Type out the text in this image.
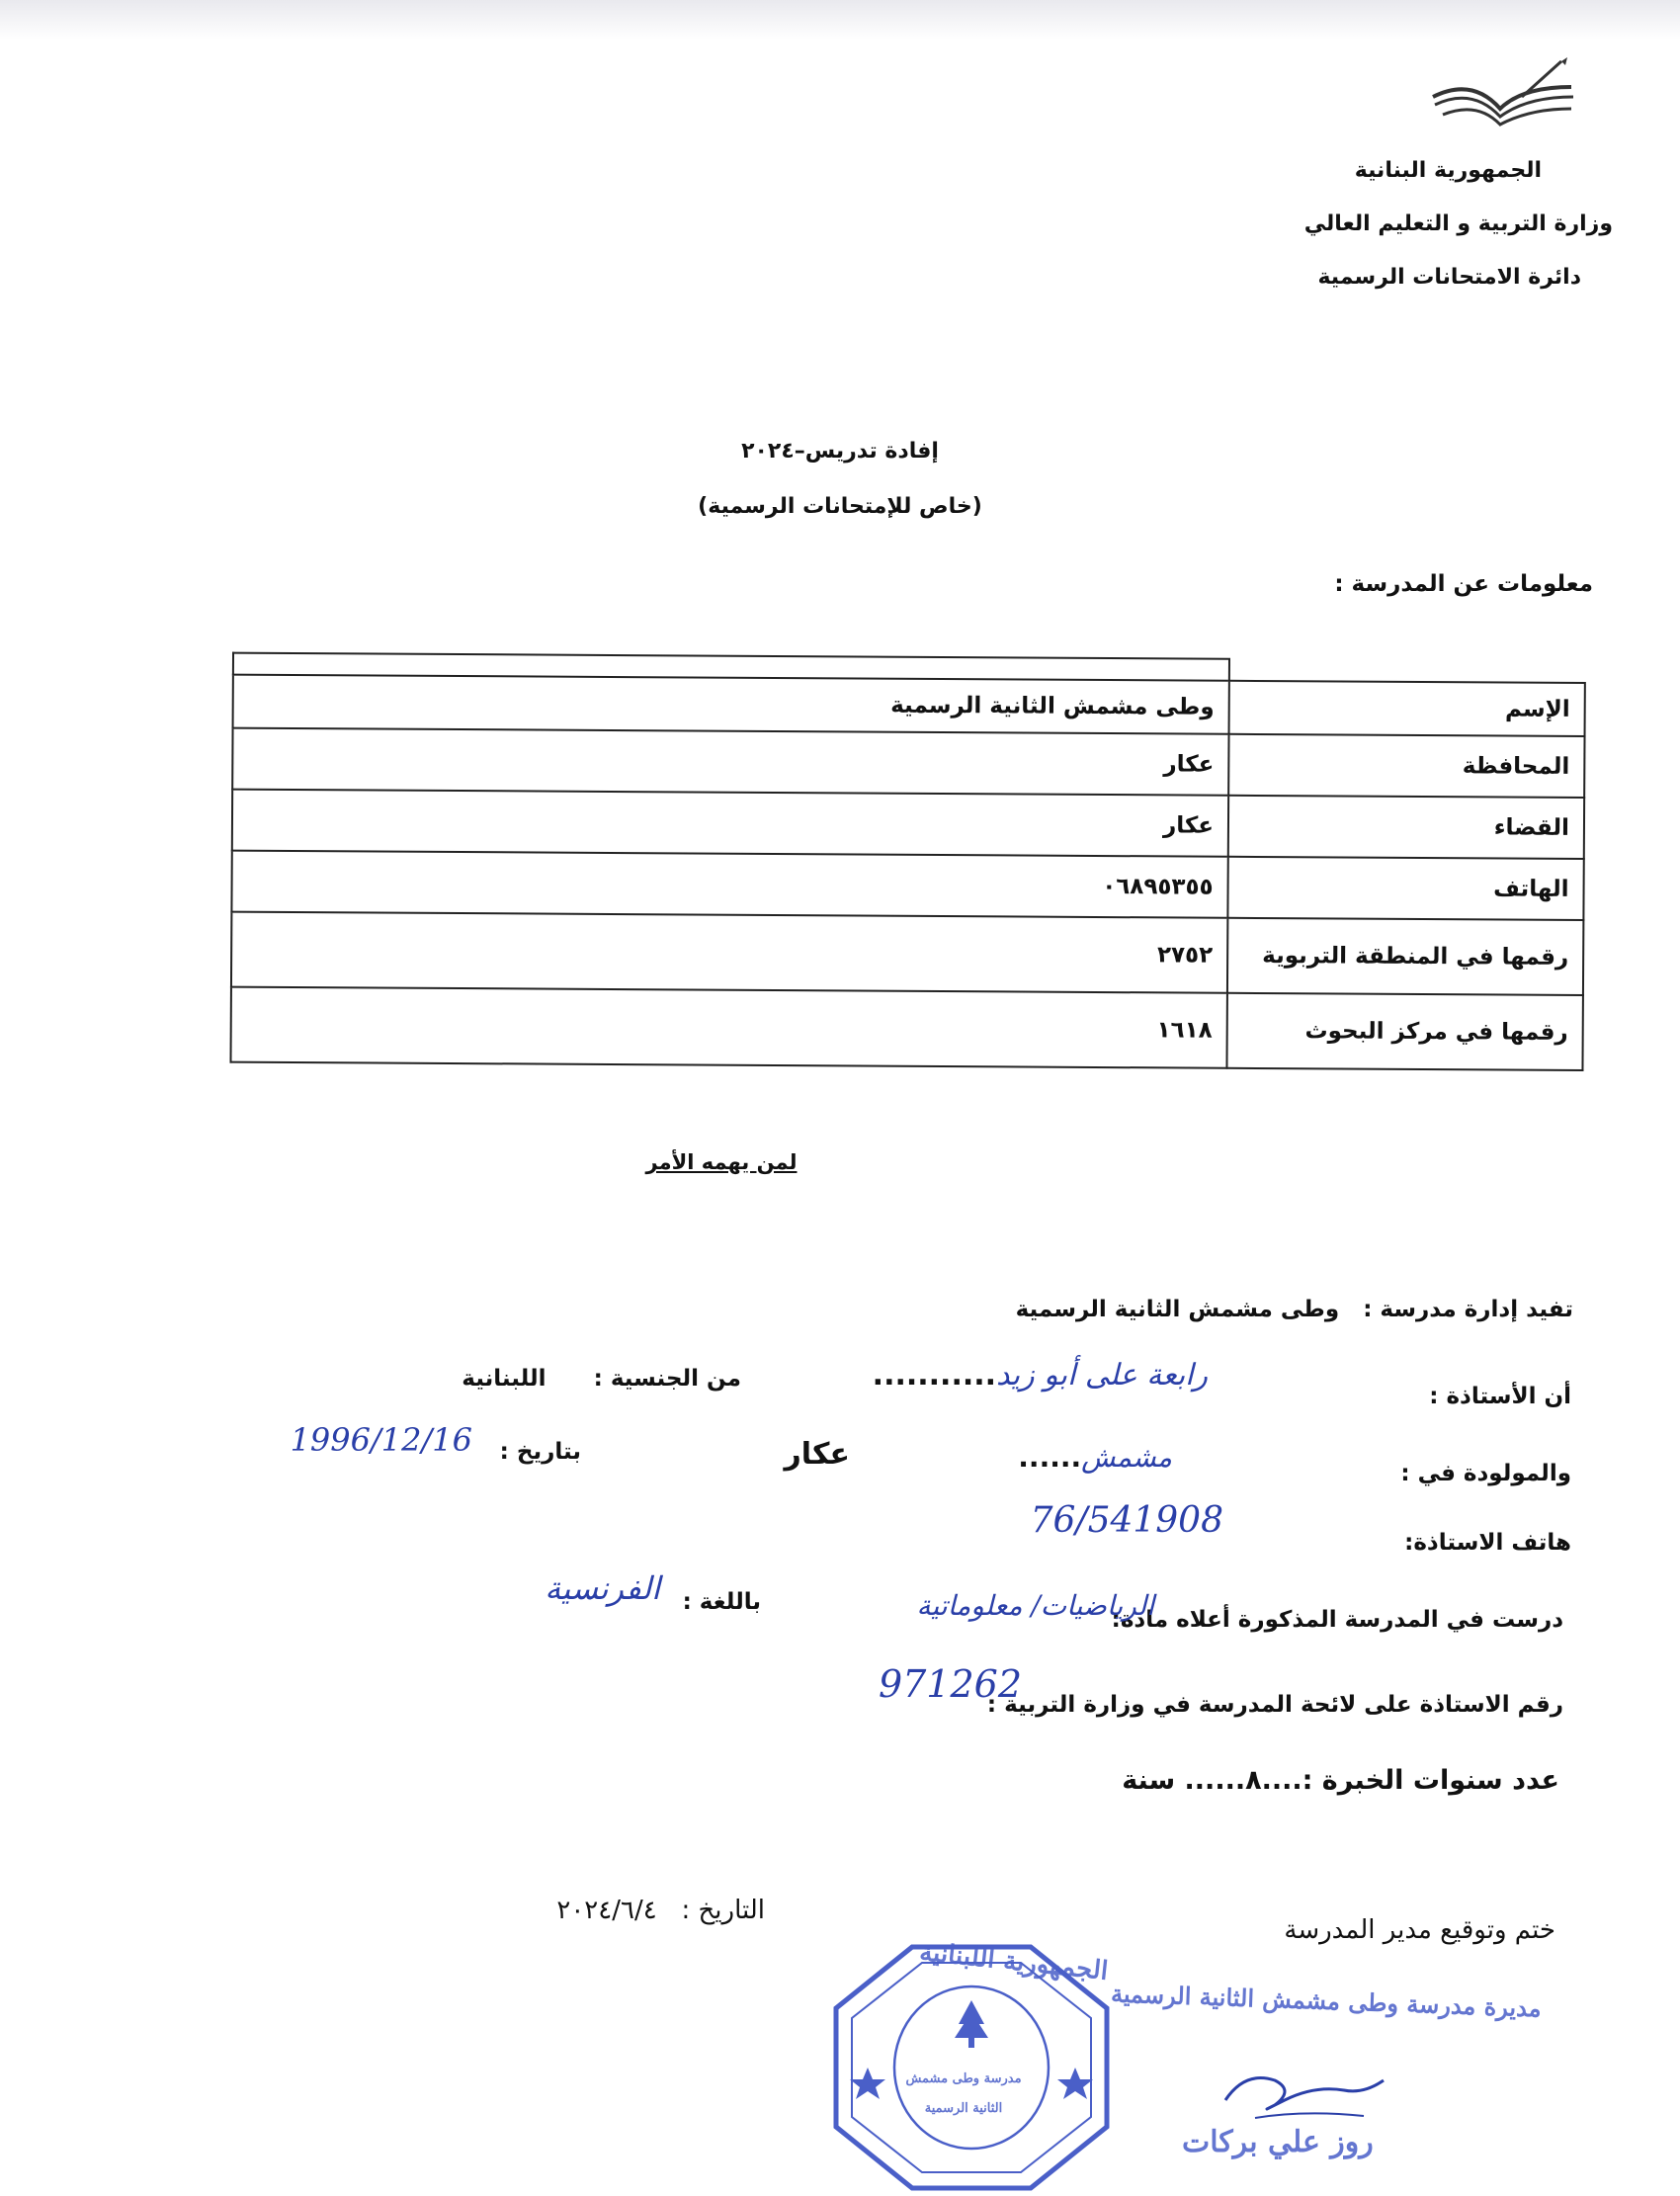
الجمهورية البنانية
وزارة التربية و التعليم العالي
دائرة الامتحانات الرسمية
إفادة تدريس–٢٠٢٤
(خاص للإمتحانات الرسمية)
معلومات عن المدرسة :

الإسم	وطى مشمش الثانية الرسمية
المحافظة	عكار
القضاء	عكار
الهاتف	٠٦٨٩٥٣٥٥
رقمها في المنطقة التربوية	٢٧٥٢
رقمها في مركز البحوث	١٦١٨
لمن يهمه الأمر
تفيد إدارة مدرسة :   وطى مشمش الثانية الرسمية
أن الأستاذة :
رابعة على أبو زيد...........
من الجنسية :      اللبنانية
والمولودة في :
مشمش......
عكار
بتاريخ :
1996/12/16
هاتف الاستاذة:
76/541908
درست في المدرسة المذكورة أعلاه مادة:
الرياضيات/ معلوماتية
باللغة :
الفرنسية
رقم الاستاذة على لائحة المدرسة في وزارة التربية :
971262
عدد سنوات الخبرة :....٨...... سنة
ختم وتوقيع مدير المدرسة
التاريخ :   ٢٠٢٤/٦/٤
الجمهورية اللبنانية
مدرسة وطى مشمش
الثانية الرسمية
مديرة مدرسة وطى مشمش الثانية الرسمية
روز علي بركات
